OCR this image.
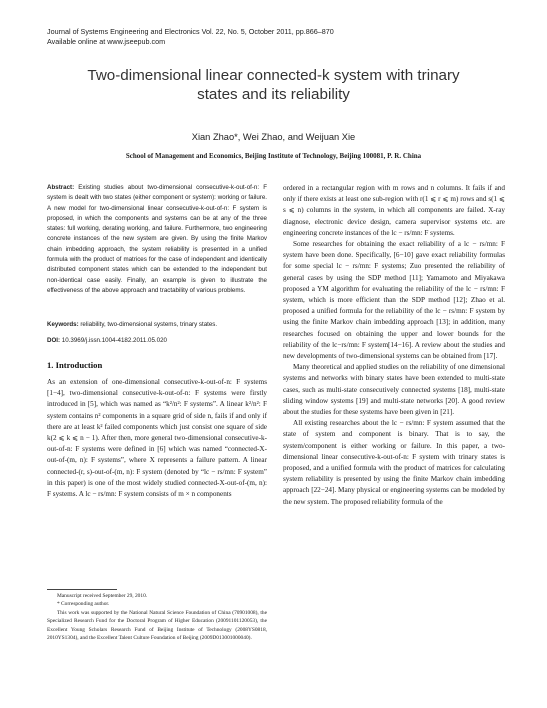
Journal of Systems Engineering and Electronics Vol. 22, No. 5, October 2011, pp.866–870
Available online at www.jseepub.com
Two-dimensional linear connected-k system with trinary
states and its reliability
Xian Zhao*, Wei Zhao, and Weijuan Xie
School of Management and Economics, Beijing Institute of Technology, Beijing 100081, P. R. China
Abstract: Existing studies about two-dimensional consecutive-k-out-of-n: F system is dealt with two states (either component or system): working or failure. A new model for two-dimensional linear consecutive-k-out-of-n: F system is proposed, in which the components and systems can be at any of the three states: full working, derating working, and failure. Furthermore, two engineering concrete instances of the new system are given. By using the finite Markov chain imbedding approach, the system reliability is presented in a unified formula with the product of matrices for the case of independent and identically distributed component states which can be extended to the independent but non-identical case easily. Finally, an example is given to illustrate the effectiveness of the above approach and tractability of various problems.
Keywords: reliability, two-dimensional systems, trinary states.
DOI: 10.3969/j.issn.1004-4182.2011.05.020
1. Introduction

As an extension of one-dimensional consecutive-k-out-of-n: F systems [1−4], two-dimensional consecutive-k-out-of-n: F systems were firstly introduced in [5], which was named as “k²/n²: F systems”. A linear k²/n²: F system contains n² components in a square grid of side n, fails if and only if there are at least k² failed components which just consist one square of side k(2 ⩽ k ⩽ n − 1). After then, more general two-dimensional consecutive-k-out-of-n: F systems were defined in [6] which was named “connected-X-out-of-(m, n): F systems”, where X represents a failure pattern. A linear connected-(r, s)-out-of-(m, n): F system (denoted by “lc − rs/mn: F system” in this paper) is one of the most widely studied connected-X-out-of-(m, n): F systems. A lc − rs/mn: F system consists of m × n components

Manuscript received September 29, 2010.

* Corresponding author.

This work was supported by the National Natural Science Foundation of China (70901008), the Specialized Research Fund for the Doctoral Program of Higher Education (20091101120053), the Excellent Young Scholars Research Fund of Beijing Institute of Technology (2008YS0818, 2010YS1304), and the Excellent Talent Culture Foundation of Beijing (2009D013001000040).

ordered in a rectangular region with m rows and n columns. It fails if and only if there exists at least one sub-region with r(1 ⩽ r ⩽ m) rows and s(1 ⩽ s ⩽ n) columns in the system, in which all components are failed. X-ray diagnose, electronic device design, camera supervisor systems etc. are engineering concrete instances of the lc − rs/mn: F systems.

Some researches for obtaining the exact reliability of a lc − rs/mn: F system have been done. Specifically, [6−10] gave exact reliability formulas for some special lc − rs/mn: F systems; Zuo presented the reliability of general cases by using the SDP method [11]; Yamamoto and Miyakawa proposed a YM algorithm for evaluating the reliability of the lc − rs/mn: F system, which is more efficient than the SDP method [12]; Zhao et al. proposed a unified formula for the reliability of the lc − rs/mn: F system by using the finite Markov chain imbedding approach [13]; in addition, many researches focused on obtaining the upper and lower bounds for the reliability of the lc−rs/mn: F system[14−16]. A review about the studies and new developments of two-dimensional systems can be obtained from [17].

Many theoretical and applied studies on the reliability of one dimensional systems and networks with binary states have been extended to multi-state cases, such as multi-state consecutively connected systems [18], multi-state sliding window systems [19] and multi-state networks [20]. A good review about the studies for these systems have been given in [21].

All existing researches about the lc − rs/mn: F system assumed that the state of system and component is binary. That is to say, the system/component is either working or failure. In this paper, a two-dimensional linear consecutive-k-out-of-n: F system with trinary states is proposed, and a unified formula with the product of matrices for calculating system reliability is presented by using the finite Markov chain imbedding approach [22−24]. Many physical or engineering systems can be modeled by the new system. The proposed reliability formula of the
